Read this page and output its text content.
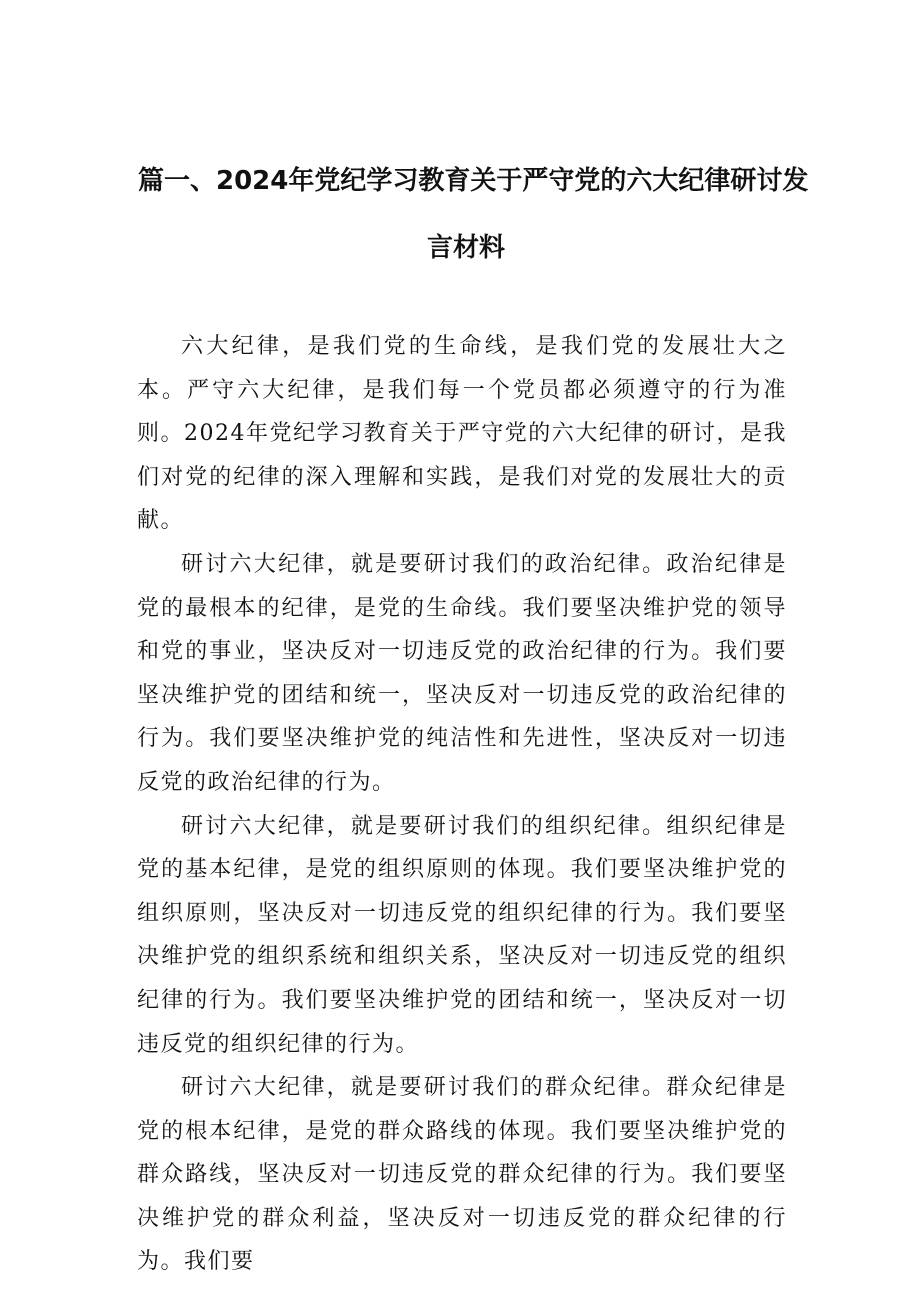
篇一、2024年党纪学习教育关于严守党的六大纪律研讨发
言材料

六大纪律，是我们党的生命线，是我们党的发展壮大之本。严守六大纪律，是我们每一个党员都必须遵守的行为准则。2024年党纪学习教育关于严守党的六大纪律的研讨，是我们对党的纪律的深入理解和实践，是我们对党的发展壮大的贡献。

研讨六大纪律，就是要研讨我们的政治纪律。政治纪律是党的最根本的纪律，是党的生命线。我们要坚决维护党的领导和党的事业，坚决反对一切违反党的政治纪律的行为。我们要坚决维护党的团结和统一，坚决反对一切违反党的政治纪律的行为。我们要坚决维护党的纯洁性和先进性，坚决反对一切违反党的政治纪律的行为。

研讨六大纪律，就是要研讨我们的组织纪律。组织纪律是党的基本纪律，是党的组织原则的体现。我们要坚决维护党的组织原则，坚决反对一切违反党的组织纪律的行为。我们要坚决维护党的组织系统和组织关系，坚决反对一切违反党的组织纪律的行为。我们要坚决维护党的团结和统一，坚决反对一切违反党的组织纪律的行为。

研讨六大纪律，就是要研讨我们的群众纪律。群众纪律是党的根本纪律，是党的群众路线的体现。我们要坚决维护党的群众路线，坚决反对一切违反党的群众纪律的行为。我们要坚决维护党的群众利益，坚决反对一切违反党的群众纪律的行为。我们要
